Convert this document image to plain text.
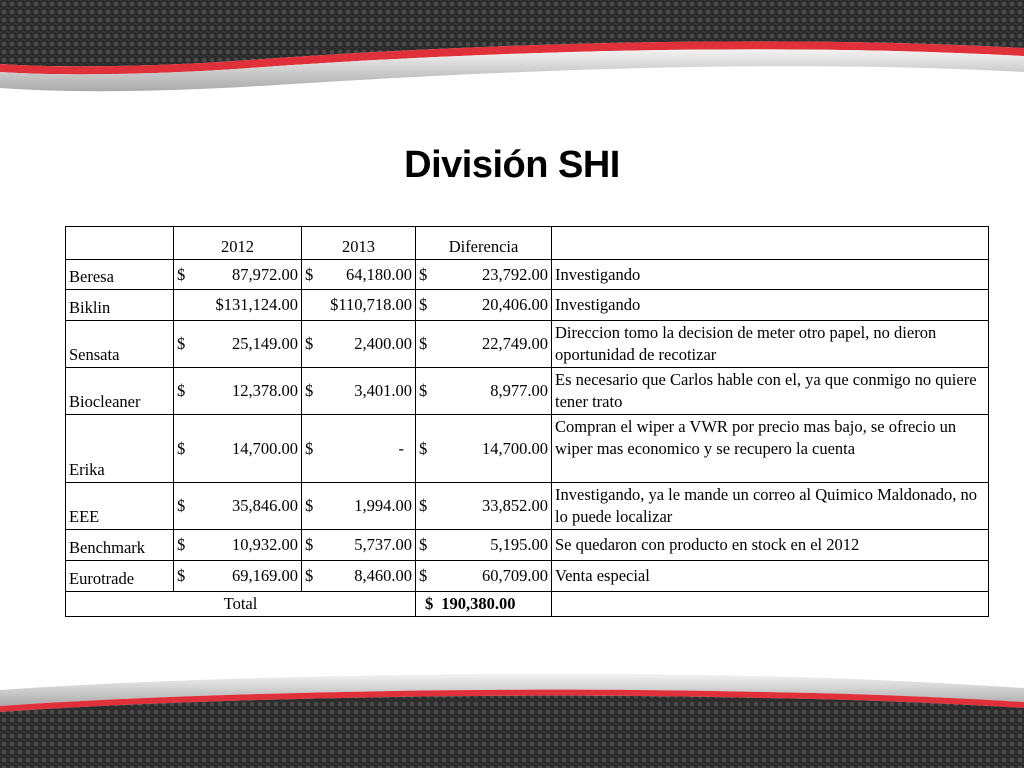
División SHI
	2012	2013	Diferencia	
Beresa	$ 87,972.00	$ 64,180.00	$ 23,792.00	Investigando
Biklin	$131,124.00	$110,718.00	$ 20,406.00	Investigando
Sensata	$ 25,149.00	$ 2,400.00	$ 22,749.00	Direccion tomo la decision de meter otro papel, no dieron oportunidad de recotizar
Biocleaner	$ 12,378.00	$ 3,401.00	$ 8,977.00	Es necesario que Carlos hable con el, ya que conmigo no quiere tener trato
Erika	$ 14,700.00	$ -	$ 14,700.00	Compran el wiper a VWR por precio mas bajo, se ofrecio un wiper mas economico y se recupero la cuenta
EEE	$ 35,846.00	$ 1,994.00	$ 33,852.00	Investigando, ya le mande un correo al Quimico Maldonado, no  lo puede localizar
Benchmark	$ 10,932.00	$ 5,737.00	$ 5,195.00	Se quedaron con producto en stock en el 2012
Eurotrade	$ 69,169.00	$ 8,460.00	$ 60,709.00	Venta especial
Total			$ 190,380.00	
